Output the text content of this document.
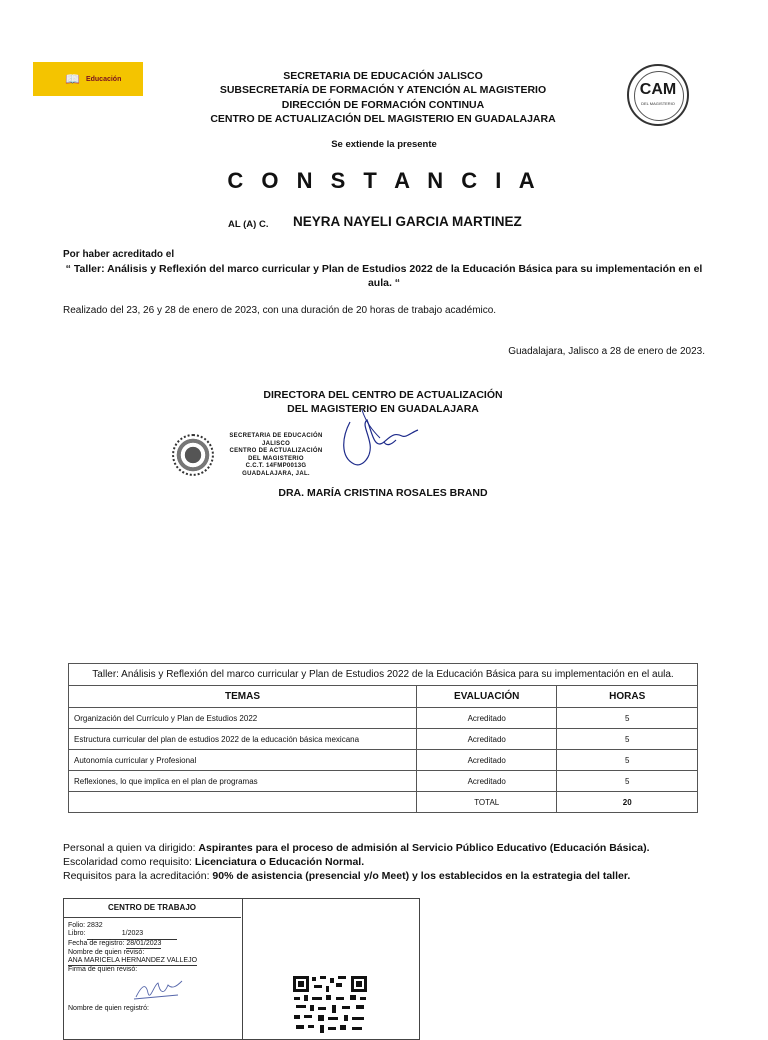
📖 Educación	SECRETARIA DE EDUCACIÓN JALISCO
SUBSECRETARÍA DE FORMACIÓN Y ATENCIÓN AL MAGISTERIO
DIRECCIÓN DE FORMACIÓN CONTINUA
CENTRO DE ACTUALIZACIÓN DEL MAGISTERIO EN GUADALAJARA
CAM
DEL MAGISTERIO
Se extiende la presente
C O N S T A N C I A
AL (A) C. NEYRA NAYELI GARCIA MARTINEZ
Por haber acreditado el
“ Taller: Análisis y Reflexión del marco curricular y Plan de Estudios 2022 de la Educación Básica para su implementación en el aula. “
Realizado del 23, 26 y 28 de enero de 2023, con una duración de 20 horas de trabajo académico.
Guadalajara, Jalisco a 28 de enero de 2023.
DIRECTORA DEL CENTRO DE ACTUALIZACIÓN
DEL MAGISTERIO EN GUADALAJARA
SECRETARIA DE EDUCACIÓN
JALISCO
CENTRO DE ACTUALIZACIÓN
DEL MAGISTERIO
C.C.T. 14FMP0013G
GUADALAJARA, JAL.
DRA. MARÍA CRISTINA ROSALES BRAND
Taller: Análisis y Reflexión del marco curricular y Plan de Estudios 2022 de la Educación Básica para su implementación en el aula.		
TEMAS	EVALUACIÓN	HORAS
Organización del Currículo y Plan de Estudios 2022	Acreditado	5
Estructura curricular del plan de estudios 2022 de la educación básica mexicana	Acreditado	5
Autonomía curricular y Profesional	Acreditado	5
Reflexiones, lo que implica en el plan de programas	Acreditado	5
	TOTAL	20
Personal a quien va dirigido: Aspirantes para el proceso de admisión al Servicio Público Educativo (Educación Básica).
Escolaridad como requisito: Licenciatura o Educación Normal.
Requisitos para la acreditación: 90% de asistencia (presencial y/o Meet) y los establecidos en la estrategia del taller.
CENTRO DE TRABAJO
Folio: 2832
Libro:	1/2023
Fecha de registro: 28/01/2023
Nombre de quien revisó:
ANA MARICELA HERNANDEZ VALLEJO
Firma de quien revisó:
Nombre de quien registró:
